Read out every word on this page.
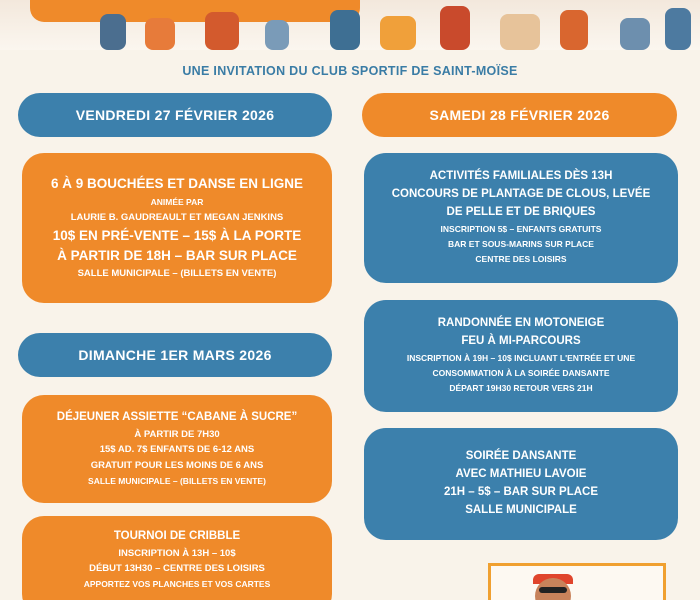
UNE INVITATION DU CLUB SPORTIF DE SAINT-MOÏSE
VENDREDI 27 FÉVRIER 2026	SAMEDI 28 FÉVRIER 2026
DIMANCHE 1ER MARS 2026
6 À 9 BOUCHÉES ET DANSE EN LIGNE
ANIMÉE PAR
LAURIE B. GAUDREAULT ET MEGAN JENKINS
10$ EN PRÉ-VENTE – 15$ À LA PORTE
À PARTIR DE 18H – BAR SUR PLACE
SALLE MUNICIPALE – (BILLETS EN VENTE)
DÉJEUNER ASSIETTE “CABANE À SUCRE”
À PARTIR DE 7H30
15$ AD. 7$ ENFANTS DE 6-12 ANS
GRATUIT POUR LES MOINS DE 6 ANS
SALLE MUNICIPALE – (BILLETS EN VENTE)
TOURNOI DE CRIBBLE
INSCRIPTION À 13H – 10$
DÉBUT 13H30 – CENTRE DES LOISIRS
APPORTEZ VOS PLANCHES ET VOS CARTES
ACTIVITÉS FAMILIALES DÈS 13H
CONCOURS DE PLANTAGE DE CLOUS, LEVÉE
DE PELLE ET DE BRIQUES
INSCRIPTION 5$ – ENFANTS GRATUITS
BAR ET SOUS-MARINS SUR PLACE
CENTRE DES LOISIRS
RANDONNÉE EN MOTONEIGE
FEU À MI-PARCOURS
INSCRIPTION À 19H – 10$ INCLUANT L'ENTRÉE ET UNE
CONSOMMATION À LA SOIRÉE DANSANTE
DÉPART 19H30 RETOUR VERS 21H
SOIRÉE DANSANTE
AVEC MATHIEU LAVOIE
21H – 5$ – BAR SUR PLACE
SALLE MUNICIPALE
